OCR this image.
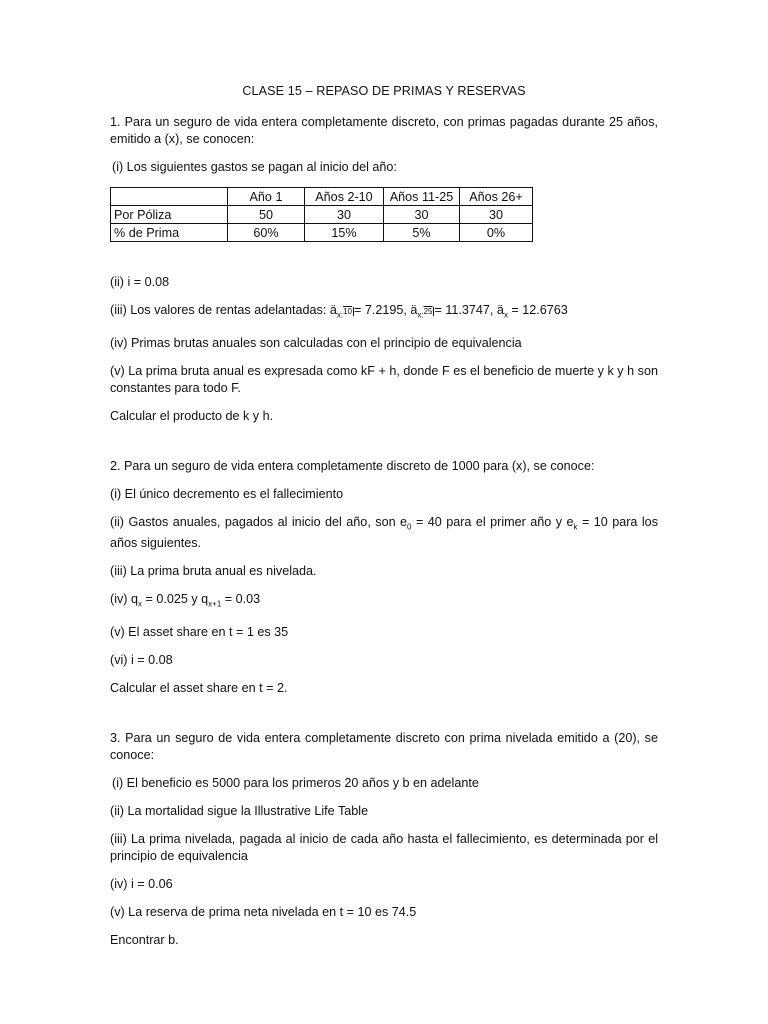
CLASE 15 – REPASO DE PRIMAS Y RESERVAS

1. Para un seguro de vida entera completamente discreto, con primas pagadas durante 25 años, emitido a (x), se conocen:

(i) Los siguientes gastos se pagan al inicio del año:

	Año 1	Años 2-10	Años 11-25	Años 26+
Por Póliza	50	30	30	30
% de Prima	60%	15%	5%	0%

(ii) i = 0.08

(iii) Los valores de rentas adelantadas: $ä_{x:}10 = 7.2195$, $ä_{x:}25 = 11.3747$, $ä_x = 12.6763$

(iv) Primas brutas anuales son calculadas con el principio de equivalencia

(v) La prima bruta anual es expresada como kF + h, donde F es el beneficio de muerte y k y h son constantes para todo F.

Calcular el producto de k y h.

2. Para un seguro de vida entera completamente discreto de 1000 para (x), se conoce:

(i) El único decremento es el fallecimiento

(ii) Gastos anuales, pagados al inicio del año, son $e_0 = 40$ para el primer año y $e_k = 10$ para los años siguientes.

(iii) La prima bruta anual es nivelada.

(iv) $q_x = 0.025$ y $q_{x+1} = 0.03$

(v) El asset share en t = 1 es 35

(vi) i = 0.08

Calcular el asset share en t = 2.

3. Para un seguro de vida entera completamente discreto con prima nivelada emitido a (20), se conoce:

(i) El beneficio es 5000 para los primeros 20 años y b en adelante

(ii) La mortalidad sigue la Illustrative Life Table

(iii) La prima nivelada, pagada al inicio de cada año hasta el fallecimiento, es determinada por el principio de equivalencia

(iv) i = 0.06

(v) La reserva de prima neta nivelada en t = 10 es 74.5

Encontrar b.
